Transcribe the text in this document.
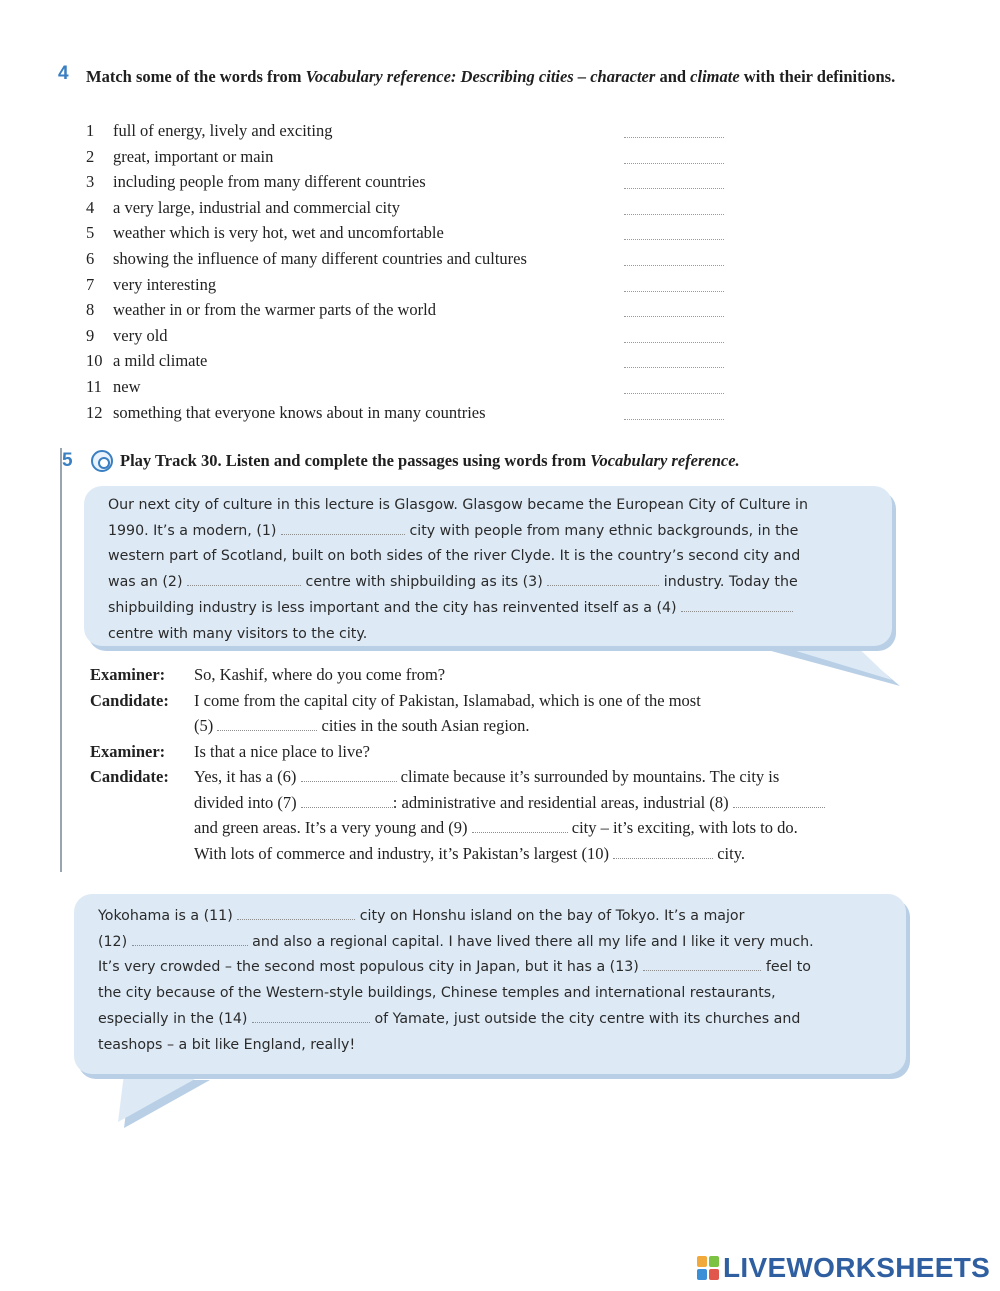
4 Match some of the words from Vocabulary reference: Describing cities – character and climate with their definitions.
1	full of energy, lively and exciting
2	great, important or main
3	including people from many different countries
4	a very large, industrial and commercial city
5	weather which is very hot, wet and uncomfortable
6	showing the influence of many different countries and cultures
7	very interesting
8	weather in or from the warmer parts of the world
9	very old
10 a mild climate
11 new
12 something that everyone knows about in many countries
5	Play Track 30. Listen and complete the passages using words from Vocabulary reference.
Our next city of culture in this lecture is Glasgow. Glasgow became the European City of Culture in
1990. It’s a modern, (1)	city with people from many ethnic backgrounds, in the
western part of Scotland, built on both sides of the river Clyde. It is the country’s second city and
was an (2)	centre with shipbuilding as its (3)	industry. Today the
shipbuilding industry is less important and the city has reinvented itself as a (4)
centre with many visitors to the city.
Examiner: So, Kashif, where do you come from?
Candidate: I come from the capital city of Pakistan, Islamabad, which is one of the most
(5)	cities in the south Asian region.
Examiner: Is that a nice place to live?
Candidate: Yes, it has a (6)	climate because it’s surrounded by mountains. The city is
divided into (7)	: administrative and residential areas, industrial (8)
and green areas. It’s a very young and (9)	city – it’s exciting, with lots to do.
With lots of commerce and industry, it’s Pakistan’s largest (10)	city.
Yokohama is a (11)	city on Honshu island on the bay of Tokyo. It’s a major
(12)	and also a regional capital. I have lived there all my life and I like it very much.
It’s very crowded – the second most populous city in Japan, but it has a (13)	feel to
the city because of the Western-style buildings, Chinese temples and international restaurants,
especially in the (14)	of Yamate, just outside the city centre with its churches and
teashops – a bit like England, really!
LIVEWORKSHEETS
